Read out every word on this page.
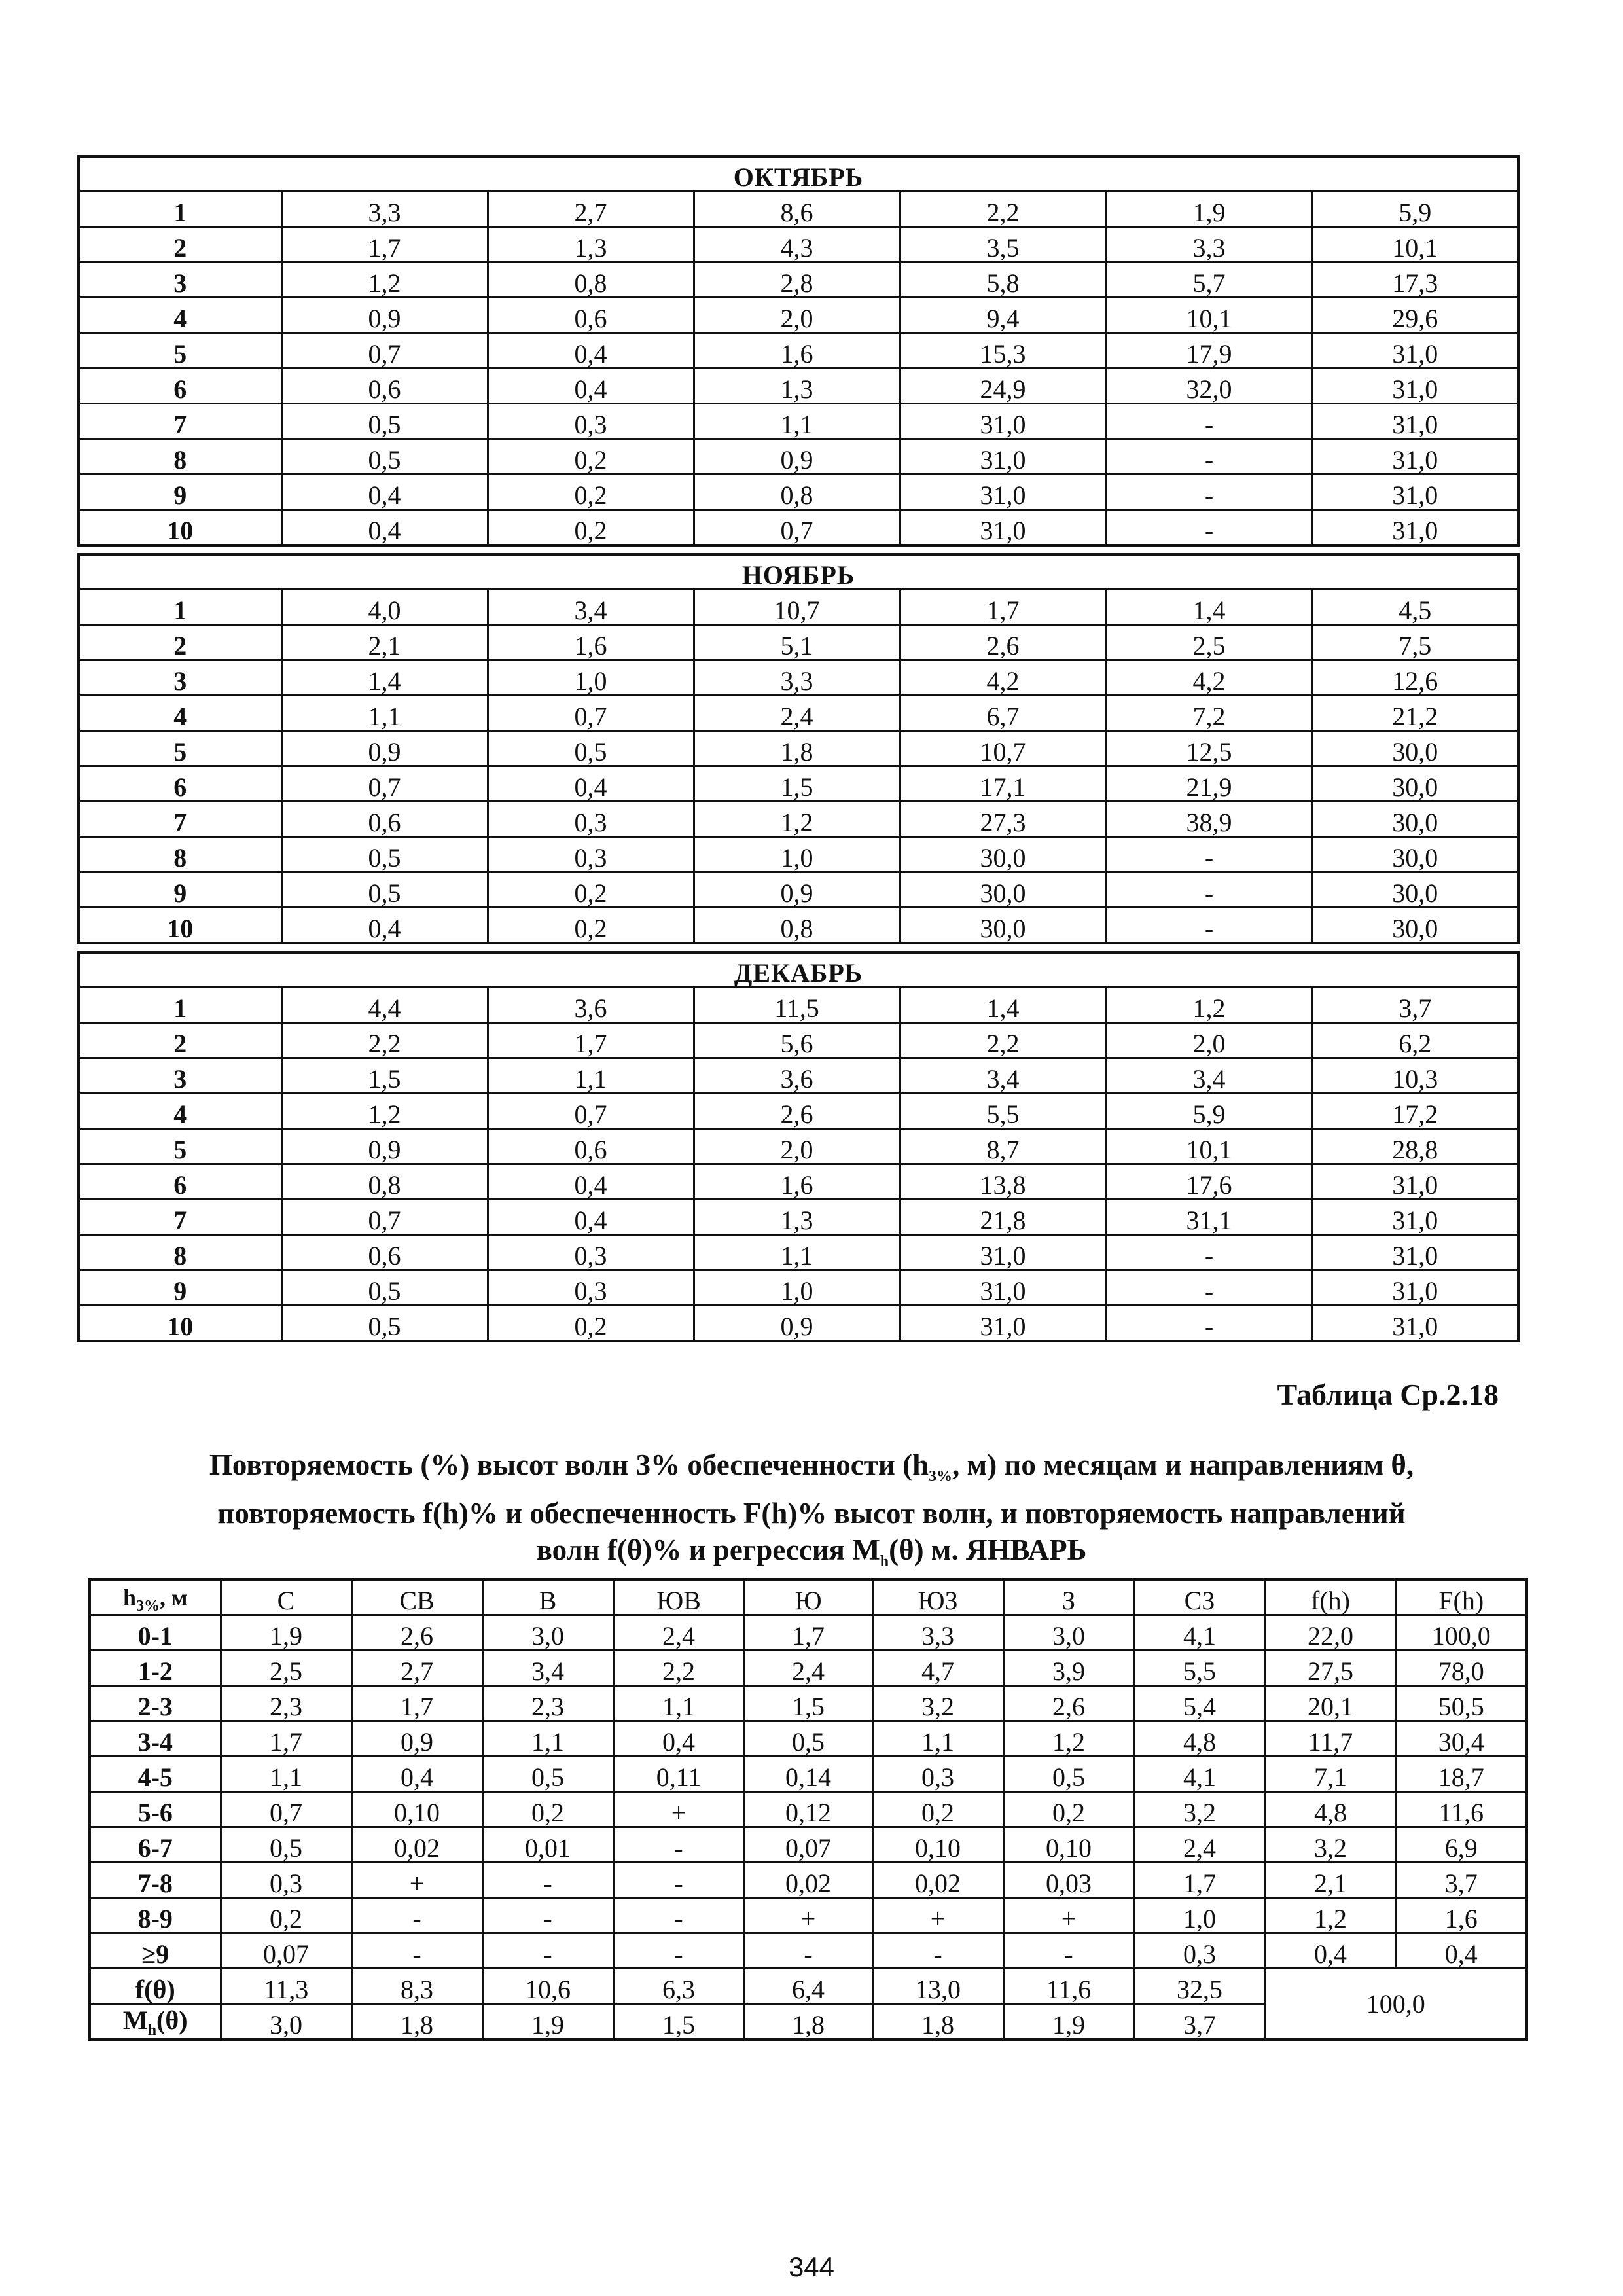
ОКТЯБРЬ						
1	3,3	2,7	8,6	2,2	1,9	5,9
2	1,7	1,3	4,3	3,5	3,3	10,1
3	1,2	0,8	2,8	5,8	5,7	17,3
4	0,9	0,6	2,0	9,4	10,1	29,6
5	0,7	0,4	1,6	15,3	17,9	31,0
6	0,6	0,4	1,3	24,9	32,0	31,0
7	0,5	0,3	1,1	31,0	-	31,0
8	0,5	0,2	0,9	31,0	-	31,0
9	0,4	0,2	0,8	31,0	-	31,0
10	0,4	0,2	0,7	31,0	-	31,0
НОЯБРЬ						
1	4,0	3,4	10,7	1,7	1,4	4,5
2	2,1	1,6	5,1	2,6	2,5	7,5
3	1,4	1,0	3,3	4,2	4,2	12,6
4	1,1	0,7	2,4	6,7	7,2	21,2
5	0,9	0,5	1,8	10,7	12,5	30,0
6	0,7	0,4	1,5	17,1	21,9	30,0
7	0,6	0,3	1,2	27,3	38,9	30,0
8	0,5	0,3	1,0	30,0	-	30,0
9	0,5	0,2	0,9	30,0	-	30,0
10	0,4	0,2	0,8	30,0	-	30,0
ДЕКАБРЬ						
1	4,4	3,6	11,5	1,4	1,2	3,7
2	2,2	1,7	5,6	2,2	2,0	6,2
3	1,5	1,1	3,6	3,4	3,4	10,3
4	1,2	0,7	2,6	5,5	5,9	17,2
5	0,9	0,6	2,0	8,7	10,1	28,8
6	0,8	0,4	1,6	13,8	17,6	31,0
7	0,7	0,4	1,3	21,8	31,1	31,0
8	0,6	0,3	1,1	31,0	-	31,0
9	0,5	0,3	1,0	31,0	-	31,0
10	0,5	0,2	0,9	31,0	-	31,0
Таблица Ср.2.18
Повторяемость (%) высот волн 3% обеспеченности ($h_{3\%}$, м) по месяцам и направлениям θ,
повторяемость f(h)% и обеспеченность F(h)% высот волн, и повторяемость направлений
волн f(θ)% и регрессия $M_h(\theta)$ м. ЯНВАРЬ
$h_{3\%}$, м	С	СВ	В	ЮВ	Ю	ЮЗ	З	СЗ	f(h)	F(h)
0-1	1,9	2,6	3,0	2,4	1,7	3,3	3,0	4,1	22,0	100,0
1-2	2,5	2,7	3,4	2,2	2,4	4,7	3,9	5,5	27,5	78,0
2-3	2,3	1,7	2,3	1,1	1,5	3,2	2,6	5,4	20,1	50,5
3-4	1,7	0,9	1,1	0,4	0,5	1,1	1,2	4,8	11,7	30,4
4-5	1,1	0,4	0,5	0,11	0,14	0,3	0,5	4,1	7,1	18,7
5-6	0,7	0,10	0,2	+	0,12	0,2	0,2	3,2	4,8	11,6
6-7	0,5	0,02	0,01	-	0,07	0,10	0,10	2,4	3,2	6,9
7-8	0,3	+	-	-	0,02	0,02	0,03	1,7	2,1	3,7
8-9	0,2	-	-	-	+	+	+	1,0	1,2	1,6
≥9	0,07	-	-	-	-	-	-	0,3	0,4	0,4
f(θ)	11,3	8,3	10,6	6,3	6,4	13,0	11,6	32,5	100,0	
$M_h(\theta)$	3,0	1,8	1,9	1,5	1,8	1,8	1,9	3,7		
344
